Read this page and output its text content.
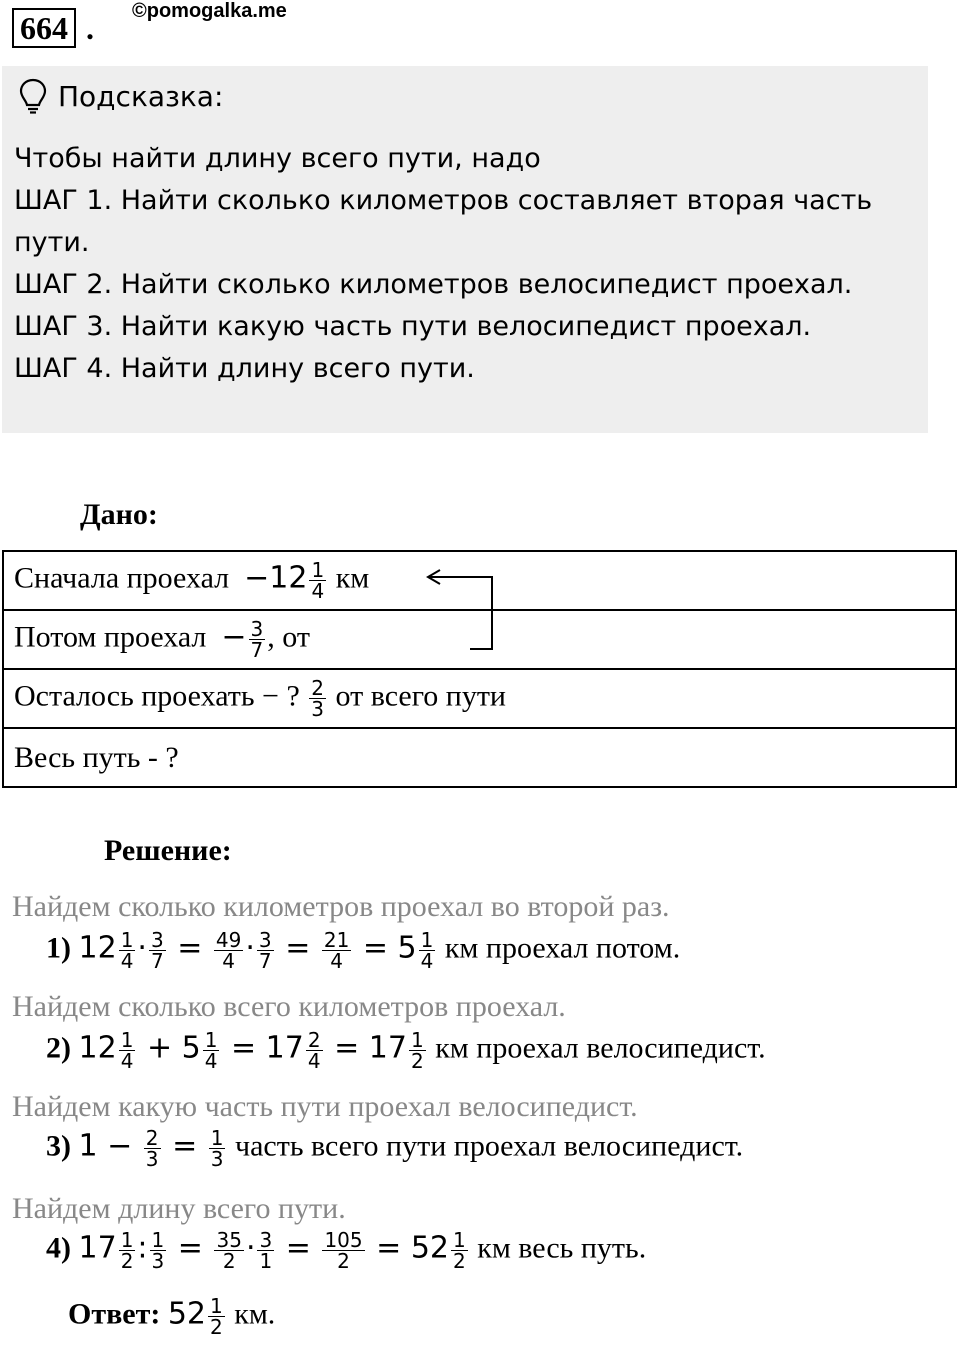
664 . ©pomogalka.me
Подсказка:
Чтобы найти длину всего пути, надо
ШАГ 1. Найти сколько километров составляет вторая часть
пути.
ШАГ 2. Найти сколько километров велосипедист проехал.
ШАГ 3. Найти какую часть пути велосипедист проехал.
ШАГ 4. Найти длину всего пути.
Дано:
Сначала проехал $-12 \frac{1}{4}$ км
Потом проехал − $\frac{3}{7}$ , от
Осталось проехать − ? $\frac{2}{3}$ от всего пути
Весь путь - ?
Решение:
Найдем сколько километров проехал во второй раз.
1) $12 \frac{1}{4} \cdot \frac{3}{7} = \frac{49}{4} \cdot \frac{3}{7} = \frac{21}{4} = 5 \frac{1}{4}$ км проехал потом.
Найдем сколько всего километров проехал.
2) $12 \frac{1}{4} + 5 \frac{1}{4} = 17 \frac{2}{4} = 17 \frac{1}{2}$ км проехал велосипедист.
Найдем какую часть пути проехал велосипедист.
3) $1 - \frac{2}{3} = \frac{1}{3}$ часть всего пути проехал велосипедист.
Найдем длину всего пути.
4) $17 \frac{1}{2}$ : $\frac{1}{3} = \frac{35}{2} \cdot \frac{3}{1} = \frac{105}{2} = 52 \frac{1}{2}$ км весь путь.
Ответ: $52 \frac{1}{2}$ км.
